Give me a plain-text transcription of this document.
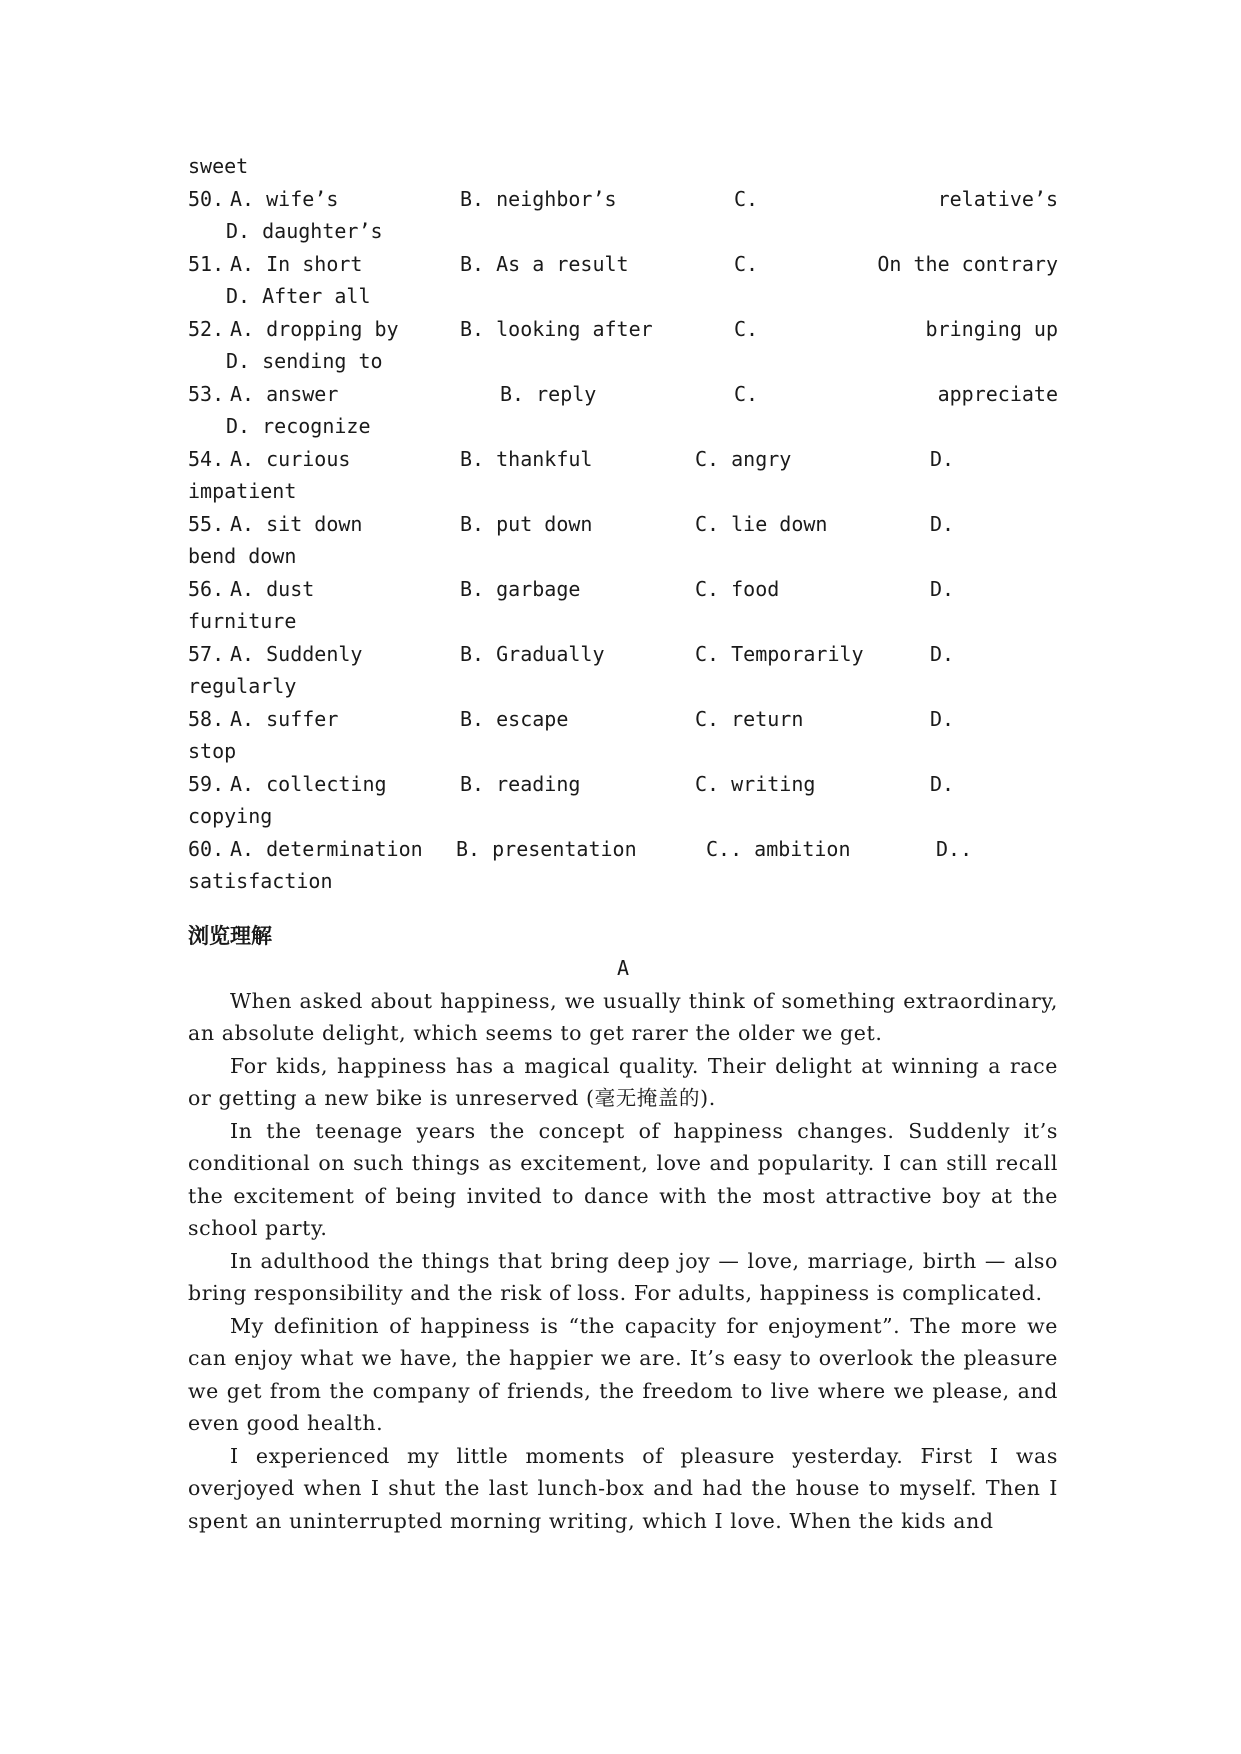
sweet
50. A. wife’s	B. neighbor’s	C.	relative’s
D. daughter’s
51. A. In short	B. As a result	C.	On the contrary
D. After all
52. A. dropping by	B. looking after	C.	bringing up
D. sending to
53. A. answer	B. reply	C.	appreciate
D. recognize
54. A. curious	B. thankful	C. angry	D.
impatient
55. A. sit down	B. put down	C. lie down	D.
bend down
56. A. dust	B. garbage	C. food	D.
furniture
57. A. Suddenly	B. Gradually	C. Temporarily	D.
regularly
58. A. suffer	B. escape	C. return	D.
stop
59. A. collecting	B. reading	C. writing	D.
copying
60. A. determination B. presentation	C.. ambition	D..
satisfaction
浏览理解
A

When asked about happiness, we usually think of something extraordinary, an absolute delight, which seems to get rarer the older we get.

For kids, happiness has a magical quality. Their delight at winning a race or getting a new bike is unreserved (毫无掩盖的).

In the teenage years the concept of happiness changes. Suddenly it’s conditional on such things as excitement, love and popularity. I can still recall the excitement of being invited to dance with the most attractive boy at the school party.

In adulthood the things that bring deep joy — love, marriage, birth — also bring responsibility and the risk of loss. For adults, happiness is complicated.

My definition of happiness is “the capacity for enjoyment”. The more we can enjoy what we have, the happier we are. It’s easy to overlook the pleasure we get from the company of friends, the freedom to live where we please, and even good health.

I experienced my little moments of pleasure yesterday. First I was overjoyed when I shut the last lunch-box and had the house to myself. Then I spent an uninterrupted morning writing, which I love. When the kids and
